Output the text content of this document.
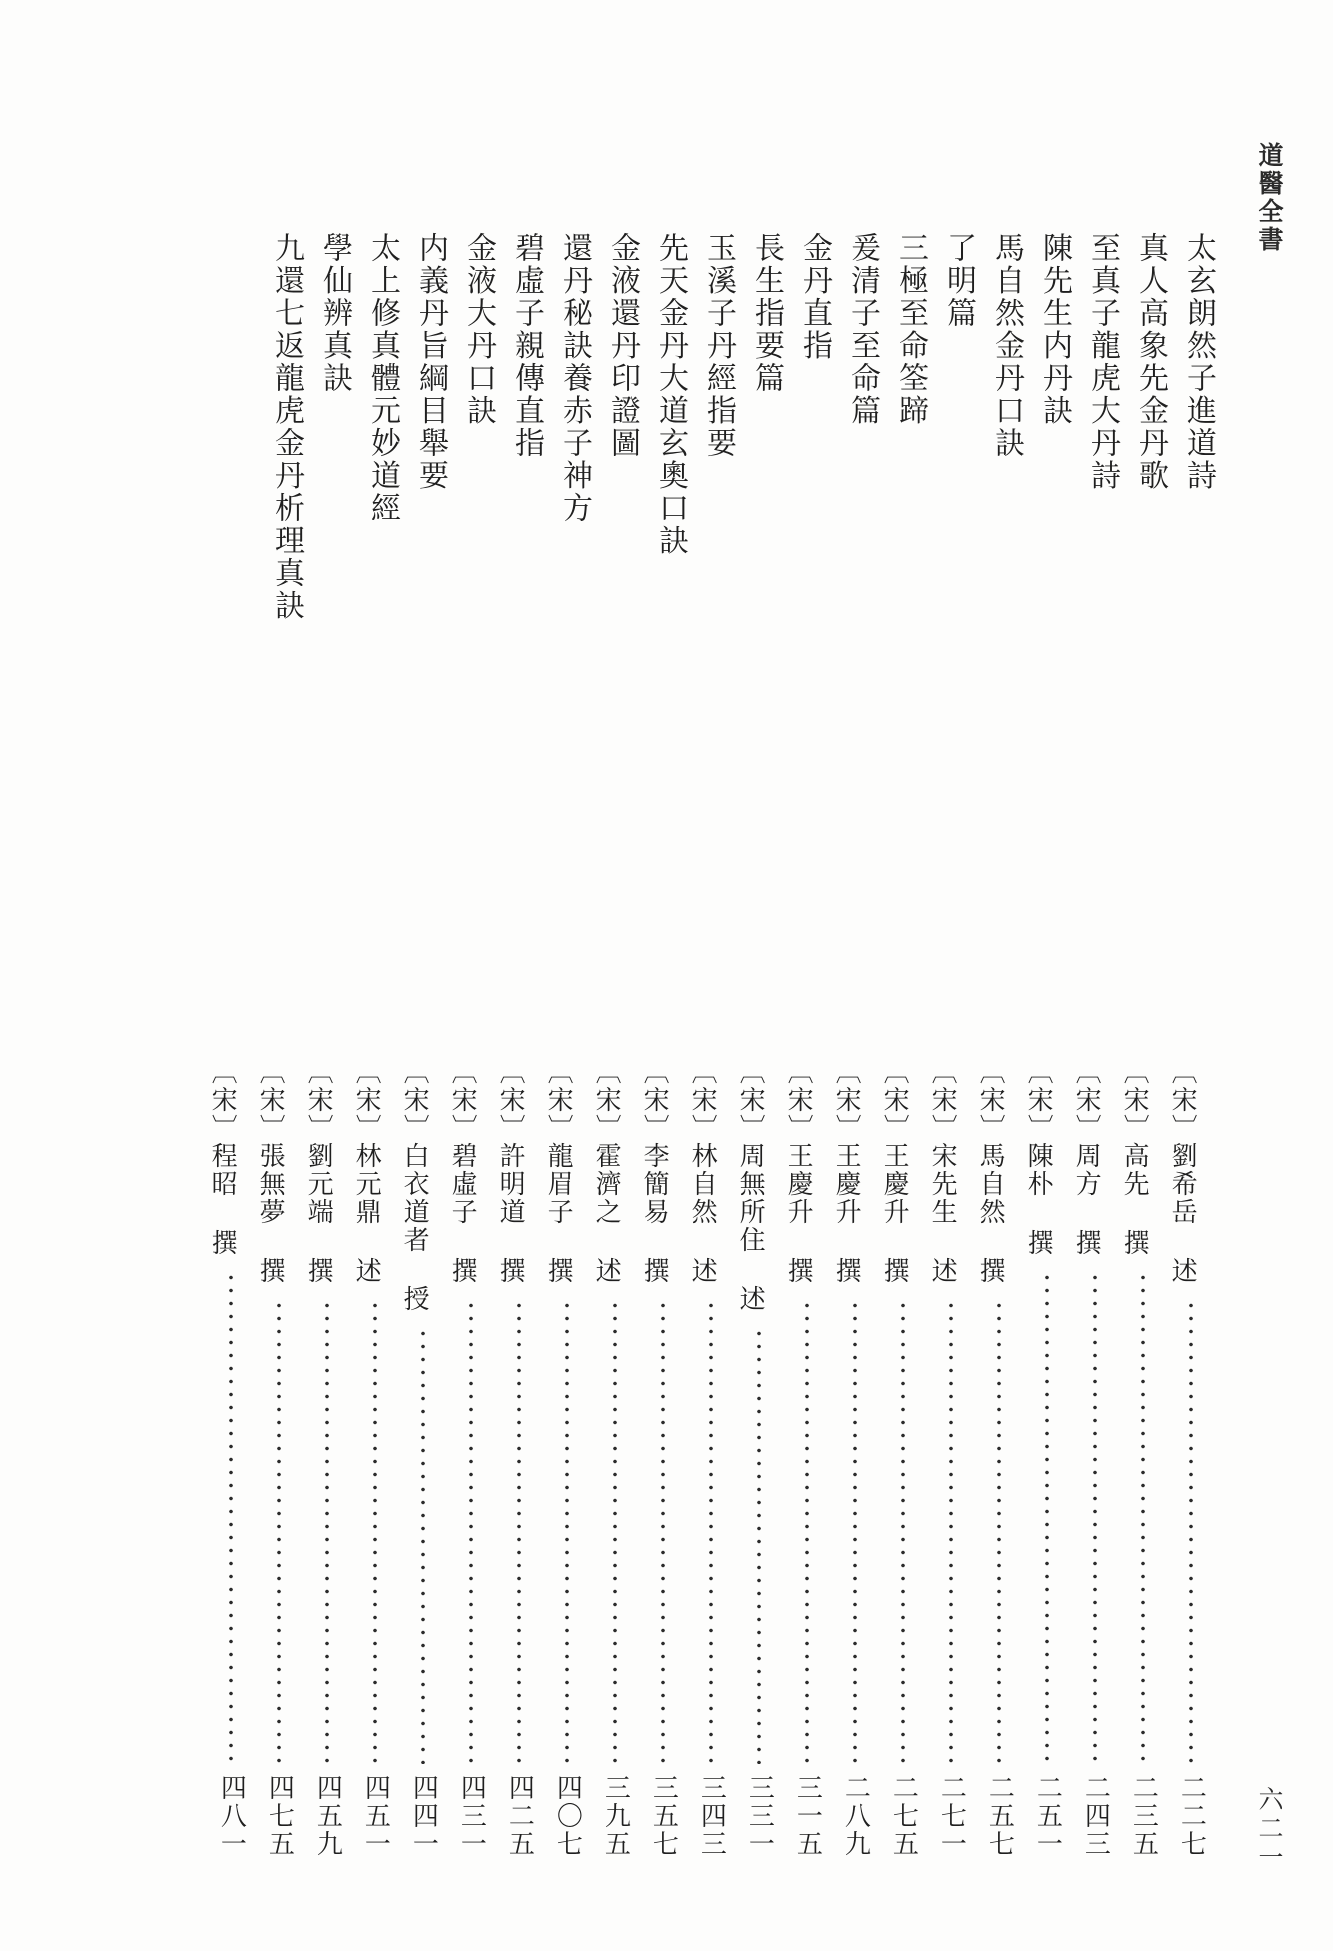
道醫全書
太玄朗然子進道詩
真人高象先金丹歌
至真子龍虎大丹詩
陳先生内丹訣
馬自然金丹口訣
了明篇
三極至命筌蹄
爰清子至命篇
金丹直指
長生指要篇
玉溪子丹經指要
先天金丹大道玄奧口訣
金液還丹印證圖
還丹秘訣養赤子神方
碧虛子親傳直指
金液大丹口訣
内義丹旨綱目舉要
太上修真體元妙道經
學仙辨真訣
九還七返龍虎金丹析理真訣
〔宋〕劉希岳 述
二二七
〔宋〕高先 撰
二三五
〔宋〕周方 撰
二四三
〔宋〕陳朴 撰
二五一
〔宋〕馬自然 撰
二五七
〔宋〕宋先生 述
二七一
〔宋〕王慶升 撰
二七五
〔宋〕王慶升 撰
二八九
〔宋〕王慶升 撰
三一五
〔宋〕周無所住 述
三三一
〔宋〕林自然 述
三四三
〔宋〕李簡易 撰
三五七
〔宋〕霍濟之 述
三九五
〔宋〕龍眉子 撰
四〇七
〔宋〕許明道 撰
四二五
〔宋〕碧虛子 撰
四三一
〔宋〕白衣道者 授
四四一
〔宋〕林元鼎 述
四五一
〔宋〕劉元端 撰
四五九
〔宋〕張無夢 撰
四七五
〔宋〕程昭 撰
四八一	六二一
